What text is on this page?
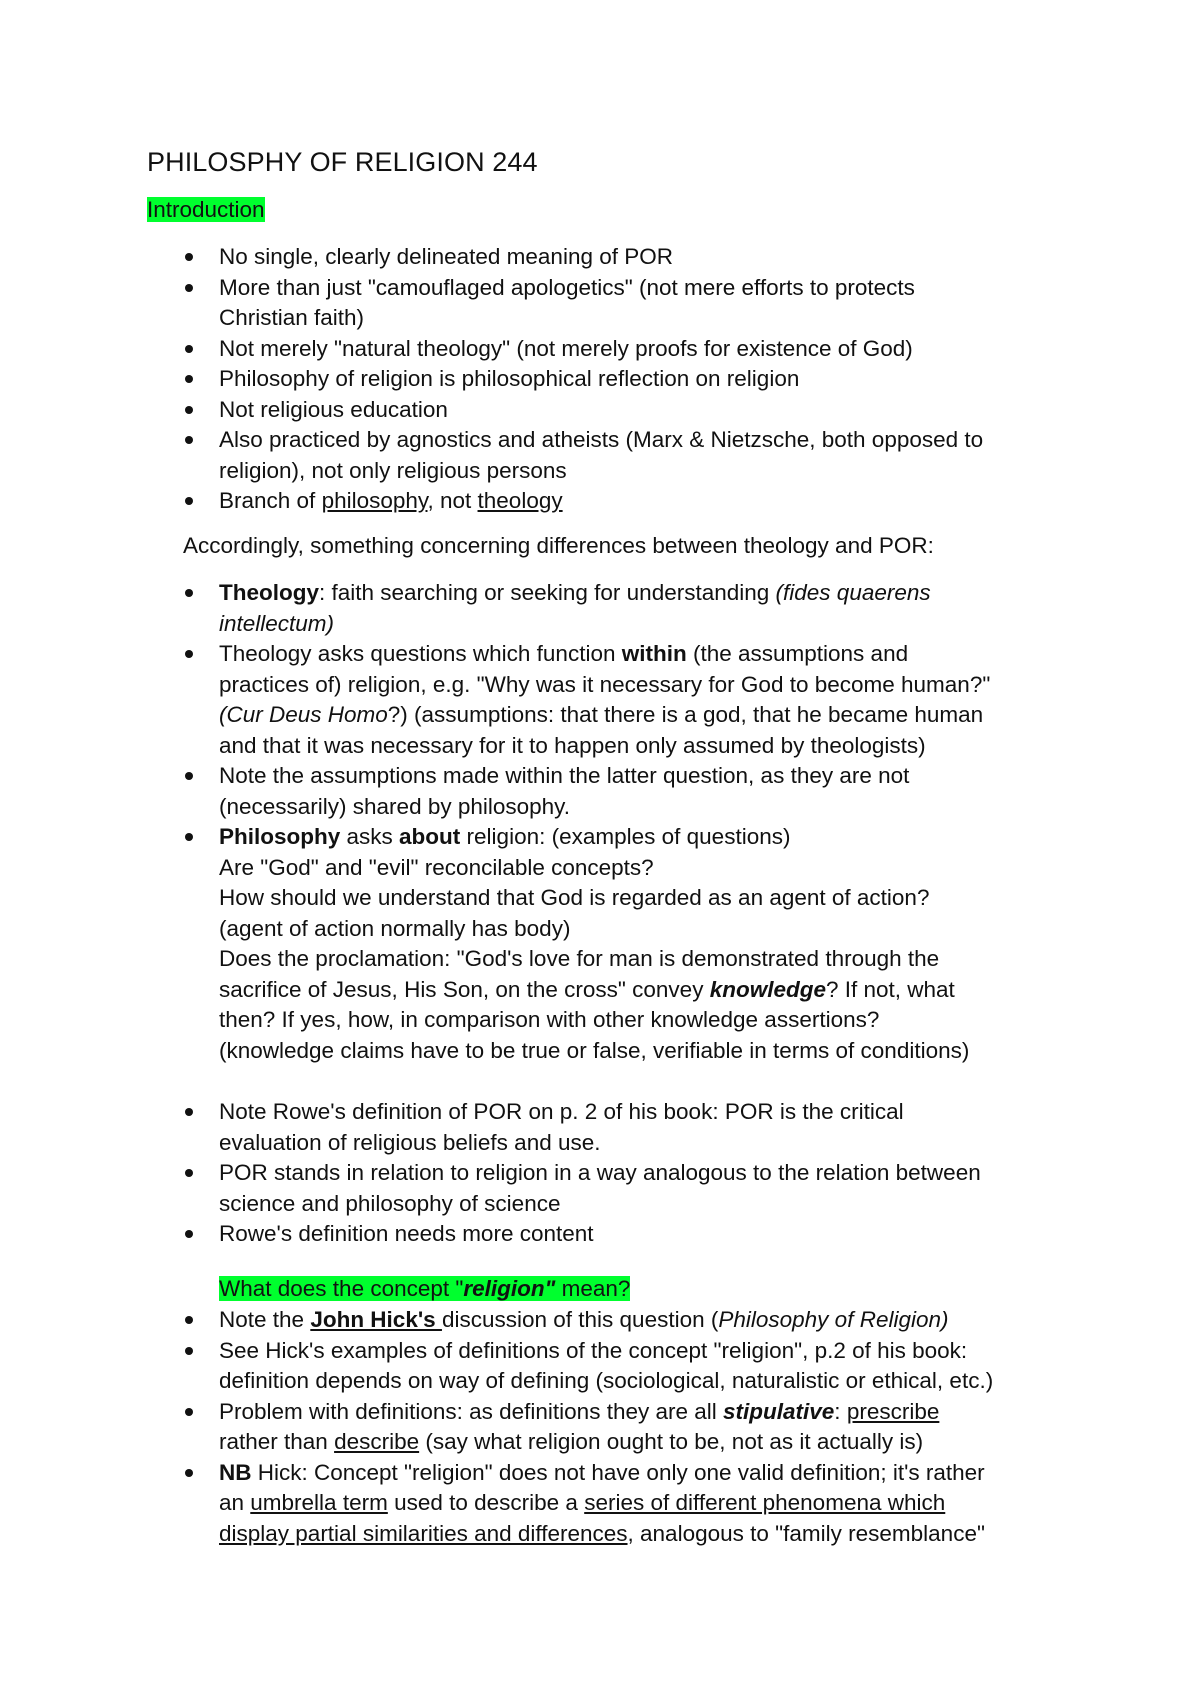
PHILOSPHY OF RELIGION 244
Introduction
No single, clearly delineated meaning of POR
More than just "camouflaged apologetics" (not mere efforts to protects
Christian faith)
Not merely "natural theology" (not merely proofs for existence of God)
Philosophy of religion is philosophical reflection on religion
Not religious education
Also practiced by agnostics and atheists (Marx & Nietzsche, both opposed to
religion), not only religious persons
Branch of philosophy, not theology
Accordingly, something concerning differences between theology and POR:
Theology: faith searching or seeking for understanding (fides quaerens
intellectum)
Theology asks questions which function within (the assumptions and
practices of) religion, e.g. "Why was it necessary for God to become human?"
(Cur Deus Homo?) (assumptions: that there is a god, that he became human
and that it was necessary for it to happen only assumed by theologists)
Note the assumptions made within the latter question, as they are not
(necessarily) shared by philosophy.
Philosophy asks about religion: (examples of questions)
Are "God" and "evil" reconcilable concepts?
How should we understand that God is regarded as an agent of action?
(agent of action normally has body)
Does the proclamation: "God's love for man is demonstrated through the
sacrifice of Jesus, His Son, on the cross" convey knowledge? If not, what
then? If yes, how, in comparison with other knowledge assertions?
(knowledge claims have to be true or false, verifiable in terms of conditions)
Note Rowe's definition of POR on p. 2 of his book: POR is the critical
evaluation of religious beliefs and use.
POR stands in relation to religion in a way analogous to the relation between
science and philosophy of science
Rowe's definition needs more content
What does the concept "religion" mean?
Note the John Hick's discussion of this question (Philosophy of Religion)
See Hick's examples of definitions of the concept "religion", p.2 of his book:
definition depends on way of defining (sociological, naturalistic or ethical, etc.)
Problem with definitions: as definitions they are all stipulative: prescribe
rather than describe (say what religion ought to be, not as it actually is)
NB Hick: Concept "religion" does not have only one valid definition; it's rather
an umbrella term used to describe a series of different phenomena which
display partial similarities and differences, analogous to "family resemblance"
